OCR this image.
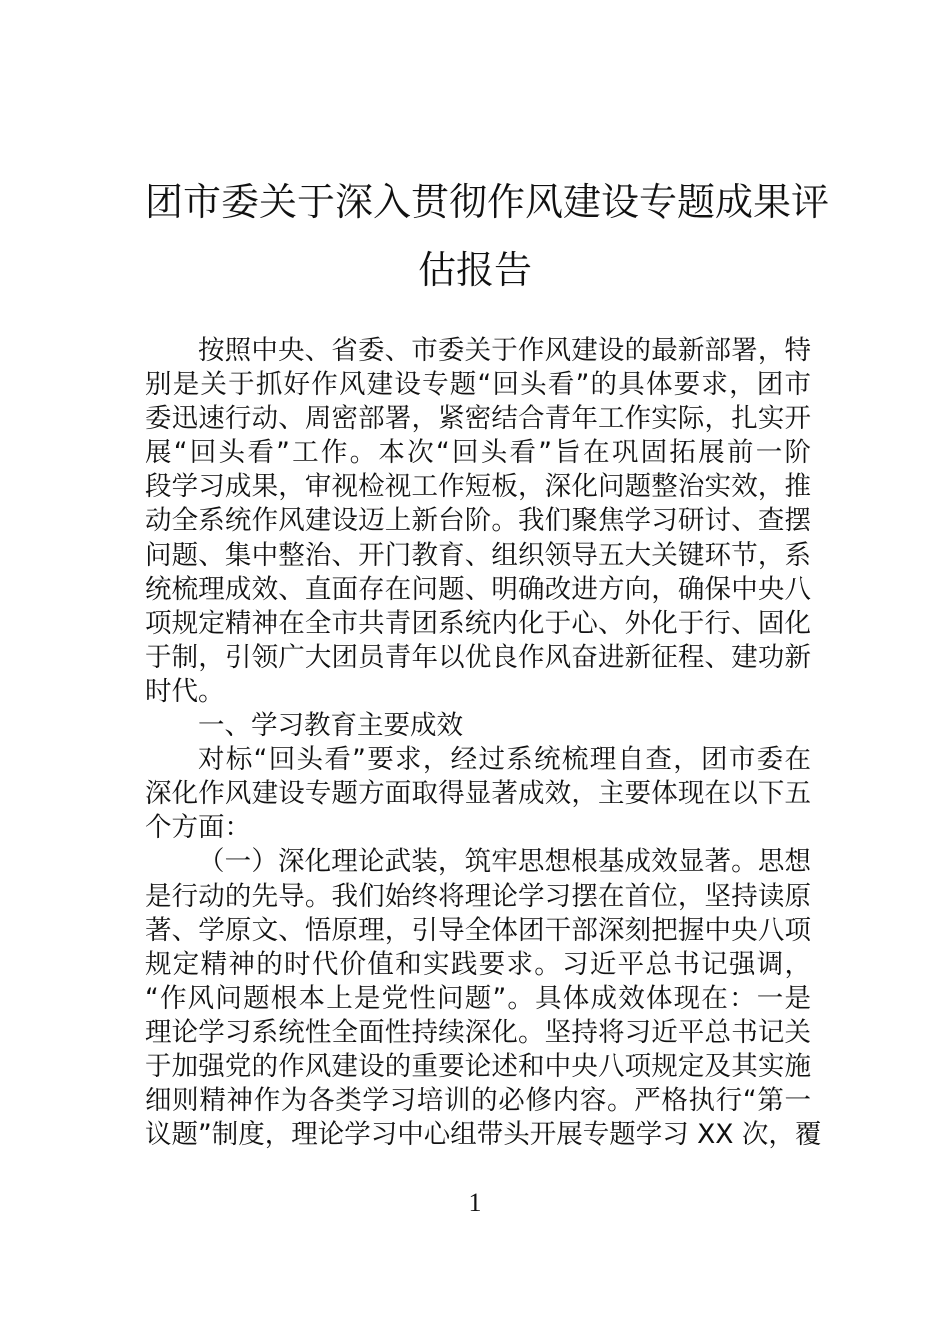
团市委关于深入贯彻作风建设专题成果评
估报告
按照中央、省委、市委关于作风建设的最新部署，特
别是关于抓好作风建设专题“回头看”的具体要求，团市
委迅速行动、周密部署，紧密结合青年工作实际，扎实开
展“回头看”工作。本次“回头看”旨在巩固拓展前一阶
段学习成果，审视检视工作短板，深化问题整治实效，推
动全系统作风建设迈上新台阶。我们聚焦学习研讨、查摆
问题、集中整治、开门教育、组织领导五大关键环节，系
统梳理成效、直面存在问题、明确改进方向，确保中央八
项规定精神在全市共青团系统内化于心、外化于行、固化
于制，引领广大团员青年以优良作风奋进新征程、建功新
时代。
一、学习教育主要成效
对标“回头看”要求，经过系统梳理自查，团市委在
深化作风建设专题方面取得显著成效，主要体现在以下五
个方面：
（一）深化理论武装，筑牢思想根基成效显著。思想
是行动的先导。我们始终将理论学习摆在首位，坚持读原
著、学原文、悟原理，引导全体团干部深刻把握中央八项
规定精神的时代价值和实践要求。习近平总书记强调，
“作风问题根本上是党性问题”。具体成效体现在：一是
理论学习系统性全面性持续深化。坚持将习近平总书记关
于加强党的作风建设的重要论述和中央八项规定及其实施
细则精神作为各类学习培训的必修内容。严格执行“第一
议题”制度，理论学习中心组带头开展专题学习 XX 次，覆
1
